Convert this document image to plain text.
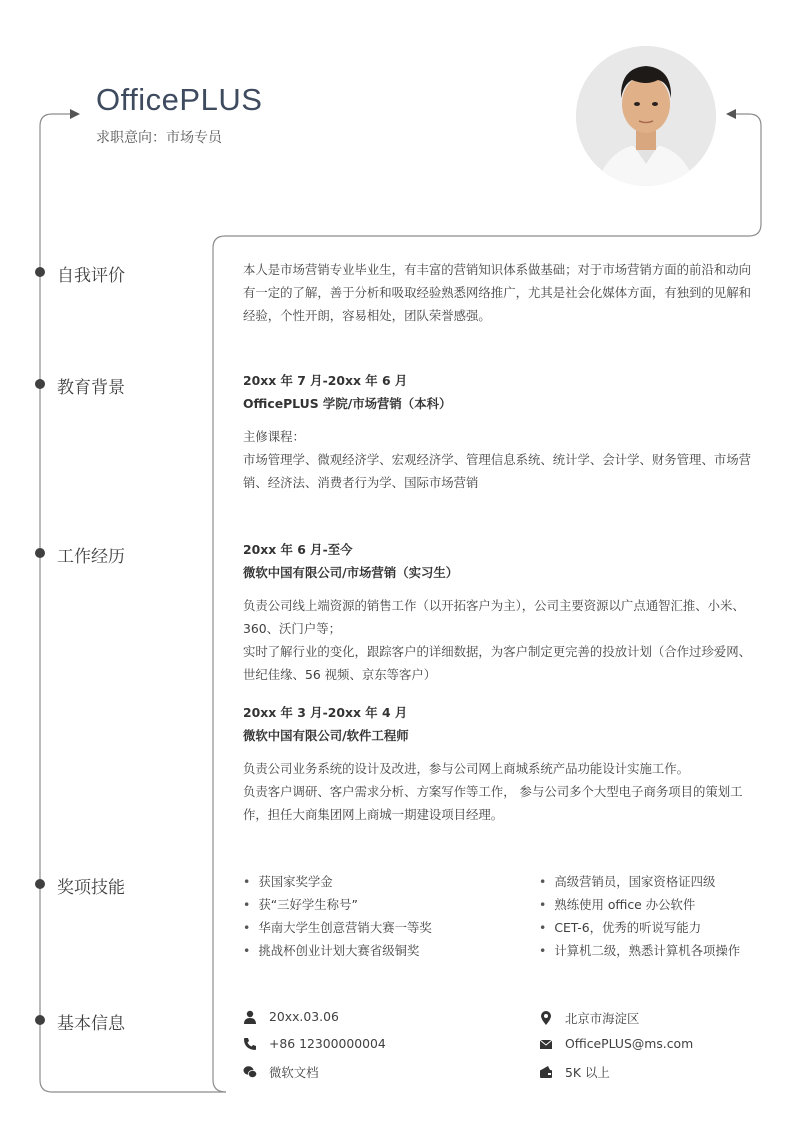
OfficePLUS
求职意向：市场专员
自我评价
教育背景
工作经历
奖项技能
基本信息

本人是市场营销专业毕业生，有丰富的营销知识体系做基础；对于市场营销方面的前沿和动向有一定的了解，善于分析和吸取经验熟悉网络推广，尤其是社会化媒体方面，有独到的见解和经验，个性开朗，容易相处，团队荣誉感强。

20xx 年 7 月-20xx 年 6 月
OfficePLUS 学院/市场营销（本科）
主修课程：
市场管理学、微观经济学、宏观经济学、管理信息系统、统计学、会计学、财务管理、市场营销、经济法、消费者行为学、国际市场营销
20xx 年 6 月-至今
微软中国有限公司/市场营销（实习生）
负责公司线上端资源的销售工作（以开拓客户为主），公司主要资源以广点通智汇推、小米、360、沃门户等；
实时了解行业的变化，跟踪客户的详细数据，为客户制定更完善的投放计划（合作过珍爱网、世纪佳缘、56 视频、京东等客户）
20xx 年 3 月-20xx 年 4 月
微软中国有限公司/软件工程师
负责公司业务系统的设计及改进，参与公司网上商城系统产品功能设计实施工作。
负责客户调研、客户需求分析、方案写作等工作， 参与公司多个大型电子商务项目的策划工作，担任大商集团网上商城一期建设项目经理。
• 获国家奖学金
• 获“三好学生称号”
• 华南大学生创意营销大赛一等奖
• 挑战杯创业计划大赛省级铜奖
• 高级营销员，国家资格证四级
• 熟练使用 office 办公软件
• CET-6，优秀的听说写能力
• 计算机二级，熟悉计算机各项操作
20xx.03.06
+86 12300000004
微软文档
北京市海淀区
OfficePLUS@ms.com
5K 以上
